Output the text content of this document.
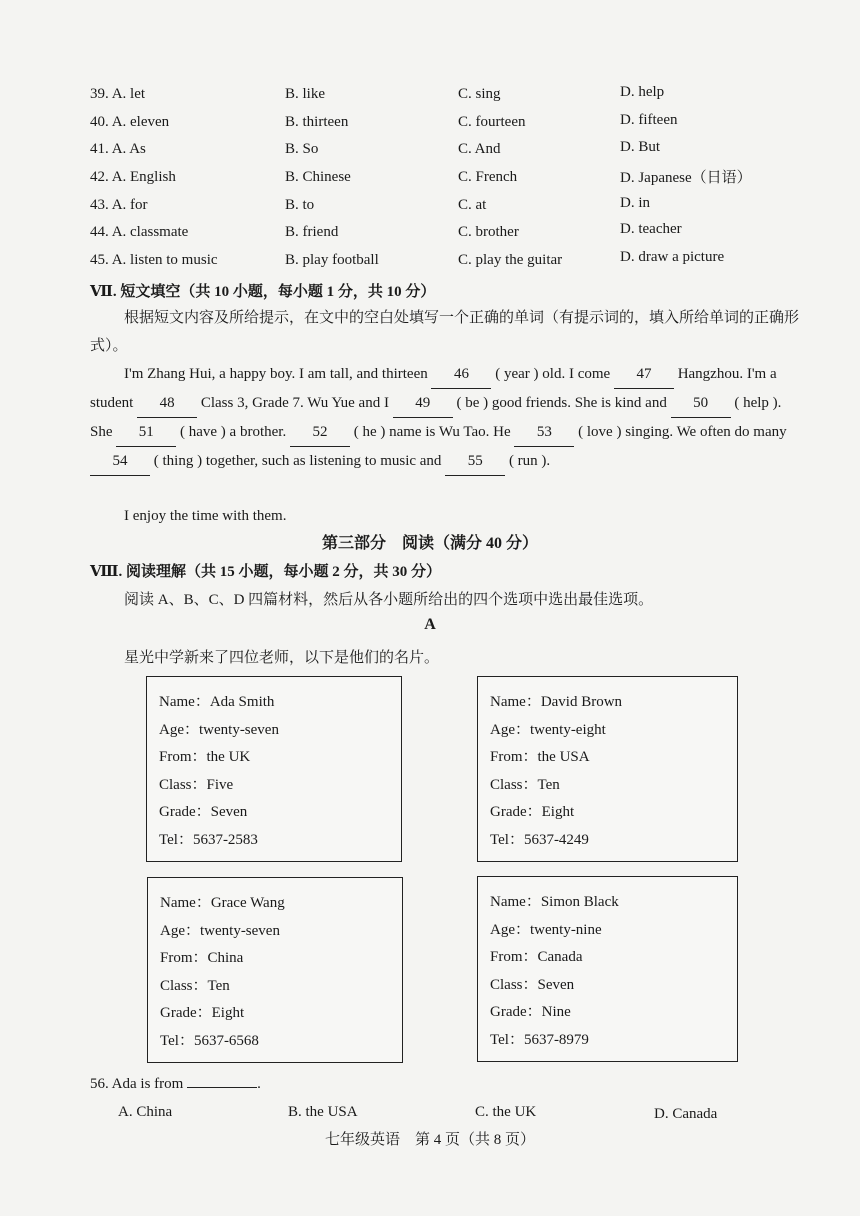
39. A. let	B. like	C. sing	D. help
40. A. eleven	B. thirteen	C. fourteen	D. fifteen
41. A. As	B. So	C. And	D. But
42. A. English	B. Chinese	C. French	D. Japanese（日语）
43. A. for	B. to	C. at	D. in
44. A. classmate	B. friend	C. brother	D. teacher
45. A. listen to music	B. play football	C. play the guitar	D. draw a picture
Ⅶ. 短文填空（共 10 小题，每小题 1 分，共 10 分）
根据短文内容及所给提示，在文中的空白处填写一个正确的单词（有提示词的，填入所给单词的正确形式）。
I'm Zhang Hui, a happy boy. I am tall, and thirteen 46 ( year ) old. I come 47 Hangzhou. I'm a student 48 Class 3, Grade 7. Wu Yue and I 49 ( be ) good friends. She is kind and 50 ( help ). She 51 ( have ) a brother. 52 ( he ) name is Wu Tao. He 53 ( love ) singing. We often do many 54 ( thing ) together, such as listening to music and 55 ( run ).
I enjoy the time with them.
第三部分　阅读（满分 40 分）
Ⅷ. 阅读理解（共 15 小题，每小题 2 分，共 30 分）
阅读 A、B、C、D 四篇材料，然后从各小题所给出的四个选项中选出最佳选项。
A
星光中学新来了四位老师，以下是他们的名片。
Name：Ada Smith
Age：twenty-seven
From：the UK
Class：Five
Grade：Seven
Tel：5637-2583
Name：David Brown
Age：twenty-eight
From：the USA
Class：Ten
Grade：Eight
Tel：5637-4249
Name：Grace Wang
Age：twenty-seven
From：China
Class：Ten
Grade：Eight
Tel：5637-6568
Name：Simon Black
Age：twenty-nine
From：Canada
Class：Seven
Grade：Nine
Tel：5637-8979
56. Ada is from	.
A. China	B. the USA	C. the UK	D. Canada
七年级英语　第 4 页（共 8 页）
